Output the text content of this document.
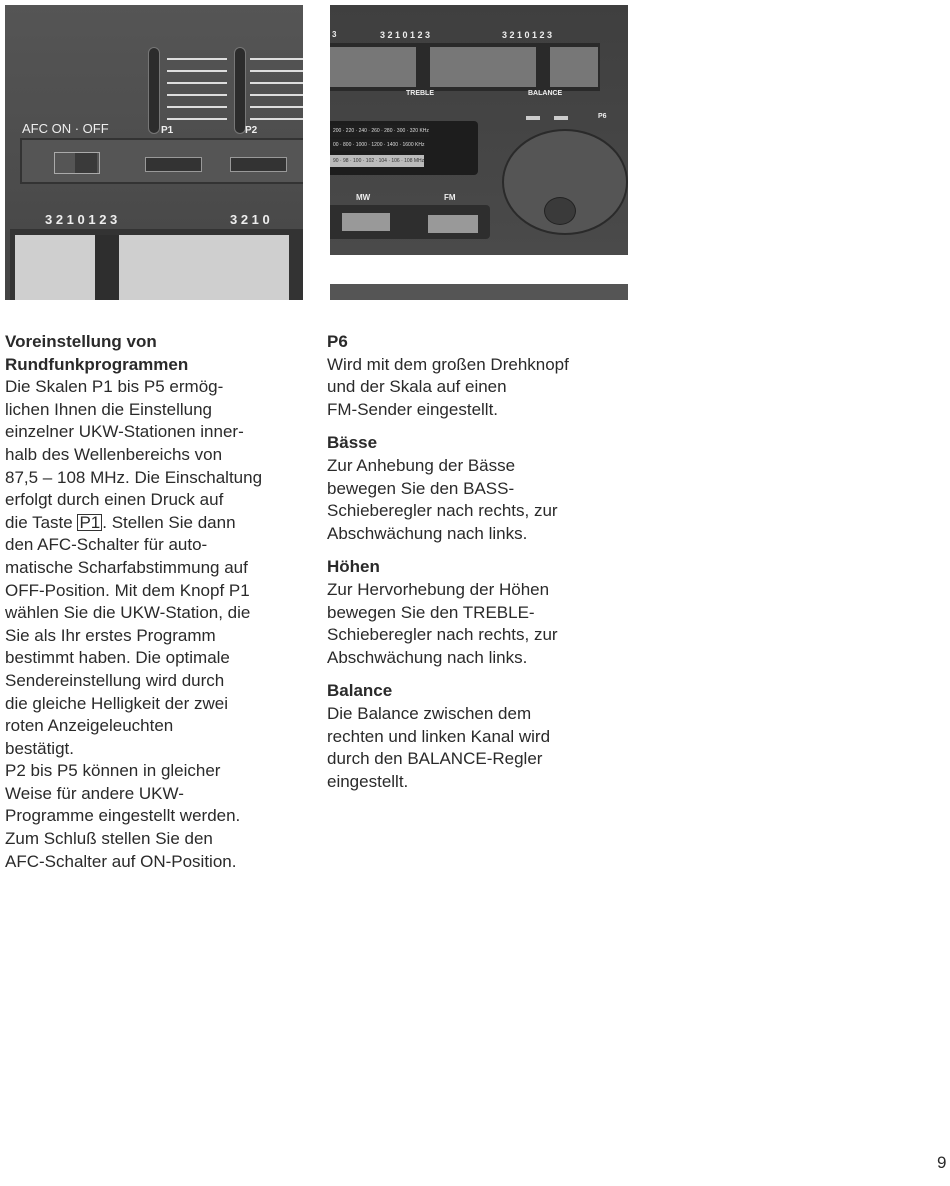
AFC ON · OFF	P1	P2
3 2 1 0 1 2 3	3 2 1 0
3	3 2 1 0 1 2 3	3 2 1 0 1 2 3
TREBLE	BALANCE
P6
200 · 220 · 240 · 260 · 280 · 300 · 320 KHz
00 · 800 · 1000 · 1200 · 1400 · 1600 KHz
90 · 98 · 100 · 102 · 104 · 106 · 108 MHz
MW	FM
Voreinstellung von
Rundfunkprogrammen
Die Skalen P1 bis P5 ermög-
lichen Ihnen die Einstellung
einzelner UKW-Stationen inner-
halb des Wellenbereichs von
87,5 – 108 MHz. Die Einschaltung
erfolgt durch einen Druck auf
die Taste P1 . Stellen Sie dann
den AFC-Schalter für auto-
matische Scharfabstimmung auf
OFF-Position. Mit dem Knopf P1
wählen Sie die UKW-Station, die
Sie als Ihr erstes Programm
bestimmt haben. Die optimale
Sendereinstellung wird durch
die gleiche Helligkeit der zwei
roten Anzeigeleuchten
bestätigt.
P2 bis P5 können in gleicher
Weise für andere UKW-
Programme eingestellt werden.
Zum Schluß stellen Sie den
AFC-Schalter auf ON-Position.
P6
Wird mit dem großen Drehknopf
und der Skala auf einen
FM-Sender eingestellt.
Bässe
Zur Anhebung der Bässe
bewegen Sie den BASS-
Schieberegler nach rechts, zur
Abschwächung nach links.
Höhen
Zur Hervorhebung der Höhen
bewegen Sie den TREBLE-
Schieberegler nach rechts, zur
Abschwächung nach links.
Balance
Die Balance zwischen dem
rechten und linken Kanal wird
durch den BALANCE-Regler
eingestellt.
9
